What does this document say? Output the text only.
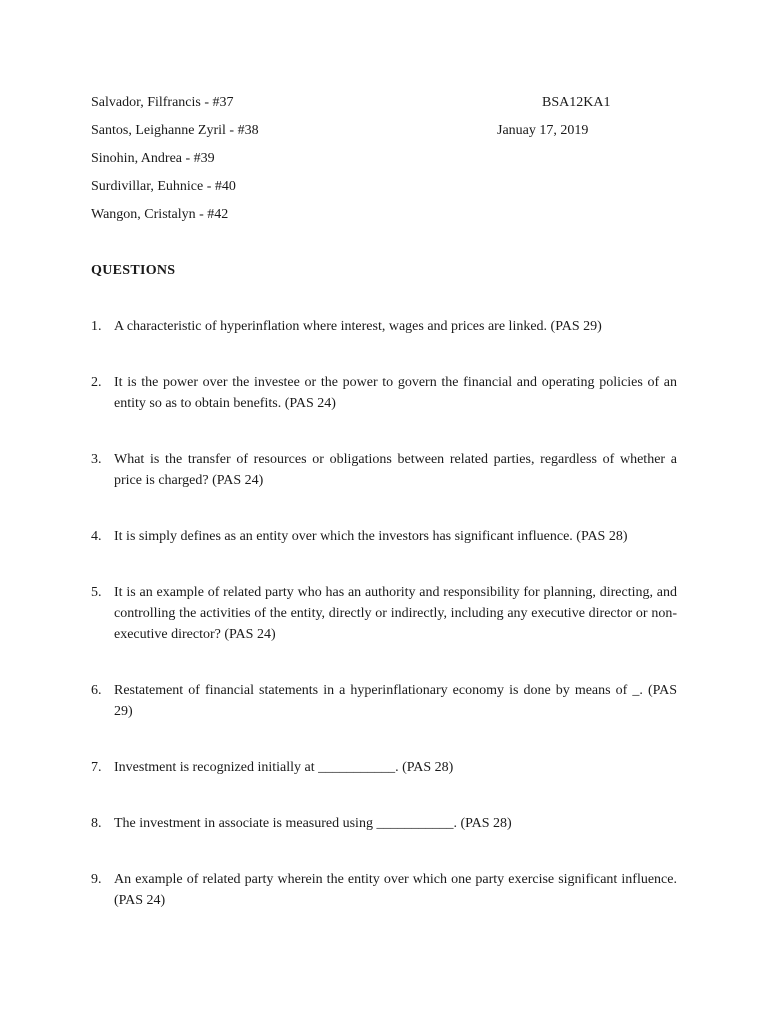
Salvador, Filfrancis - #37
Santos, Leighanne Zyril - #38
Sinohin, Andrea - #39
Surdivillar, Euhnice - #40
Wangon, Cristalyn - #42
BSA12KA1
Januay 17, 2019
QUESTIONS
1. A characteristic of hyperinflation where interest, wages and prices are linked. (PAS 29)
2. It is the power over the investee or the power to govern the financial and operating policies of an entity so as to obtain benefits. (PAS 24)
3. What is the transfer of resources or obligations between related parties, regardless of whether a price is charged? (PAS 24)
4. It is simply defines as an entity over which the investors has significant influence. (PAS 28)
5. It is an example of related party who has an authority and responsibility for planning, directing, and controlling the activities of the entity, directly or indirectly, including any executive director or non-executive director? (PAS 24)
6. Restatement of financial statements in a hyperinflationary economy is done by means of _. (PAS 29)
7. Investment is recognized initially at ___________. (PAS 28)
8. The investment in associate is measured using ___________. (PAS 28)
9. An example of related party wherein the entity over which one party exercise significant influence. (PAS 24)
